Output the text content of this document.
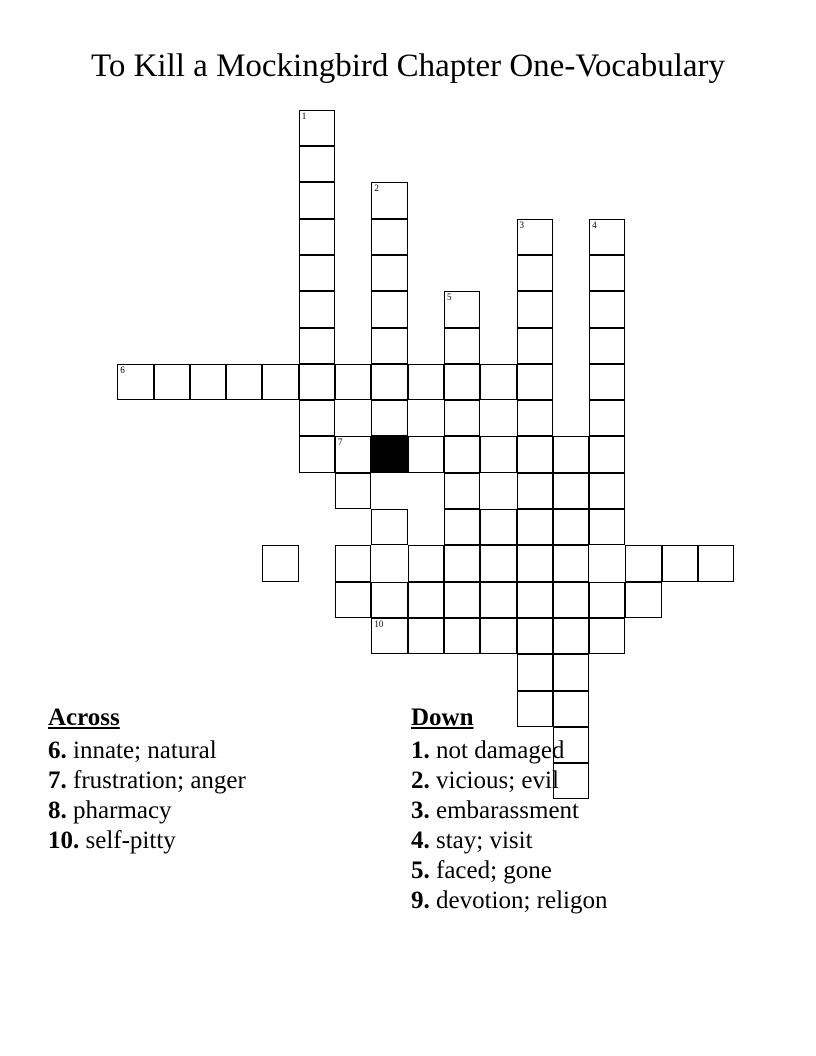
To Kill a Mockingbird Chapter One-Vocabulary
1
2
3	4
5
6
7
10
Across
6. innate; natural
7. frustration; anger
8. pharmacy
10. self-pitty
Down
1. not damaged
2. vicious; evil
3. embarassment
4. stay; visit
5. faced; gone
9. devotion; religon
